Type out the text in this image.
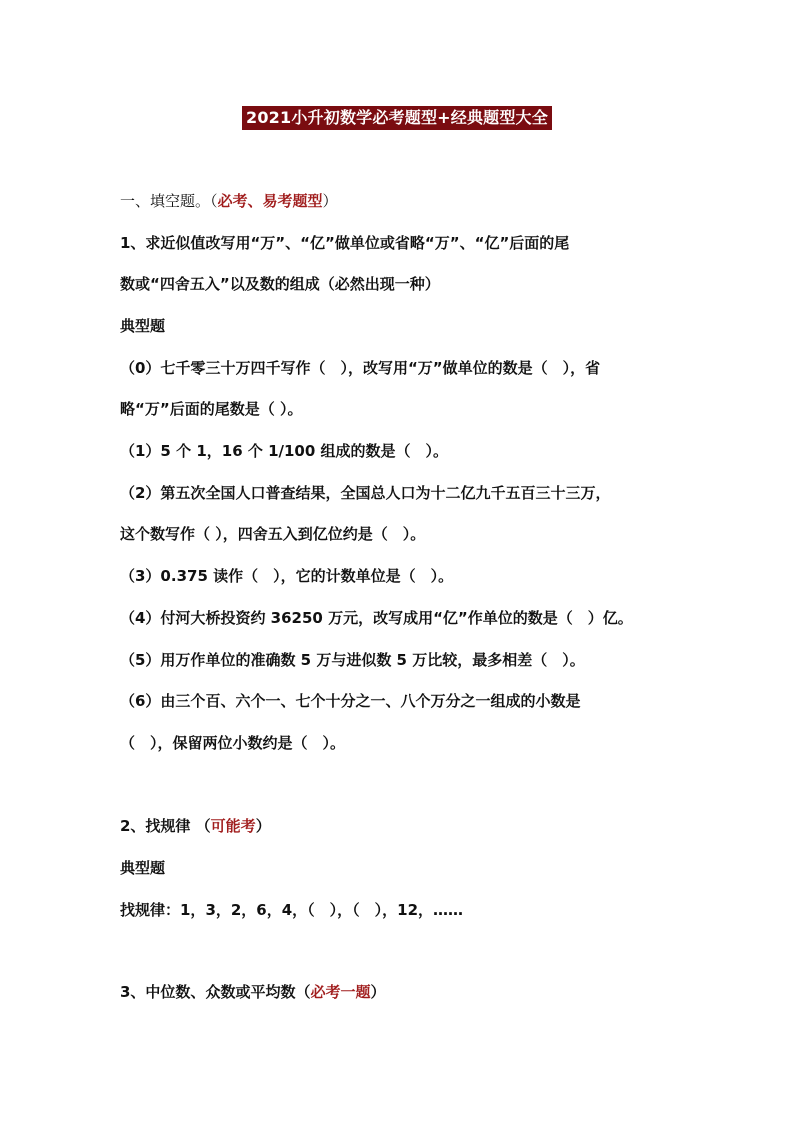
2021小升初数学必考题型+经典题型大全
一、填空题。（必考、易考题型）
1、求近似值改写用“万”、“亿”做单位或省略“万”、“亿”后面的尾
数或“四舍五入”以及数的组成（必然出现一种）
典型题
（0）七千零三十万四千写作（　），改写用“万”做单位的数是（　），省
略“万”后面的尾数是（ ）。
（1）5 个 1，16 个 1/100 组成的数是（　）。
（2）第五次全国人口普查结果，全国总人口为十二亿九千五百三十三万，
这个数写作（ ），四舍五入到亿位约是（　）。
（3）0.375 读作（　），它的计数单位是（　）。
（4）付河大桥投资约 36250 万元，改写成用“亿”作单位的数是（　）亿。
（5）用万作单位的准确数 5 万与进似数 5 万比较，最多相差（　）。
（6）由三个百、六个一、七个十分之一、八个万分之一组成的小数是
（　），保留两位小数约是（　）。
2、找规律 （可能考）
典型题
找规律：1，3，2，6，4，（　），（　），12，……
3、中位数、众数或平均数（必考一题）
